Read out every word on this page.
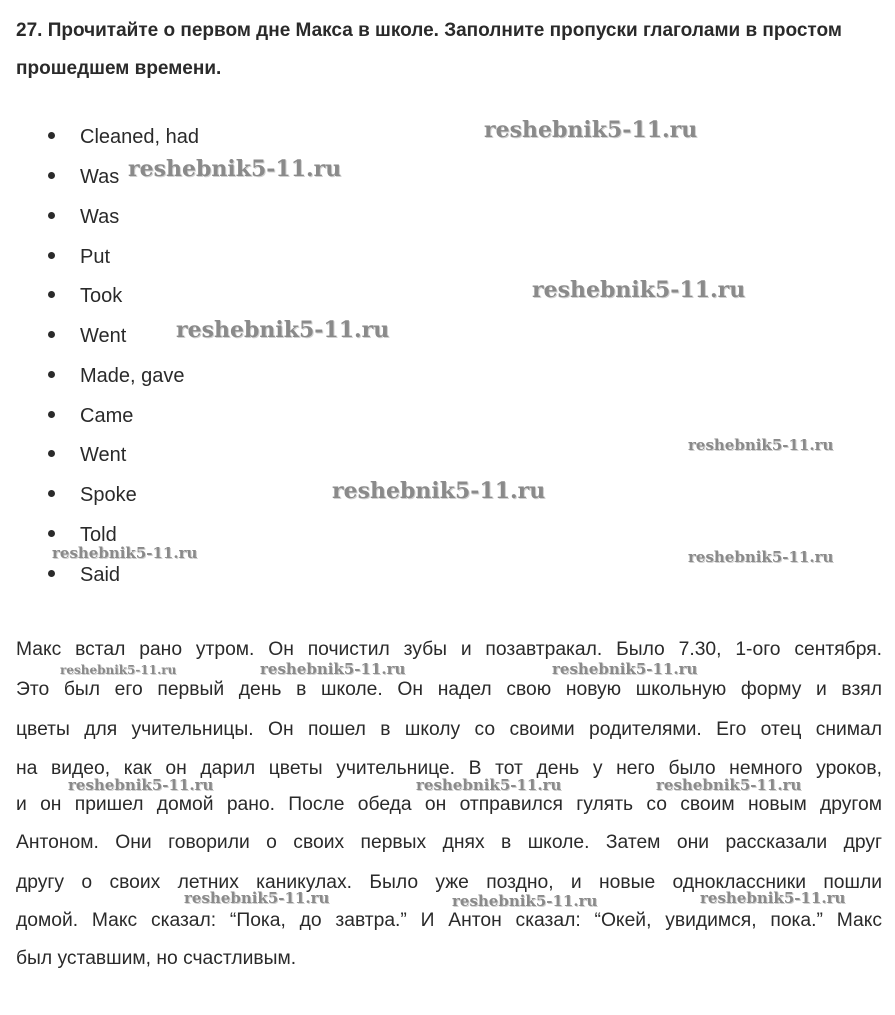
27. Прочитайте о первом дне Макса в школе. Заполните пропуски глаголами в простом прошедшем времени.
Cleaned, had
Was
Was
Put
Took
Went
Made, gave
Came
Went
Spoke
Told
Said
Макс встал рано утром. Он почистил зубы и позавтракал. Было 7.30, 1-ого сентября.
Это был его первый день в школе. Он надел свою новую школьную форму и взял
цветы для учительницы. Он пошел в школу со своими родителями. Его отец снимал
на видео, как он дарил цветы учительнице. В тот день у него было немного уроков,
и он пришел домой рано. После обеда он отправился гулять со своим новым другом
Антоном. Они говорили о своих первых днях в школе. Затем они рассказали друг
другу о своих летних каникулах. Было уже поздно, и новые одноклассники пошли
домой. Макс сказал: “Пока, до завтра.” И Антон сказал: “Окей, увидимся, пока.” Макс
был уставшим, но счастливым.
reshebnik5-11.ru
reshebnik5-11.ru
reshebnik5-11.ru
reshebnik5-11.ru
reshebnik5-11.ru
reshebnik5-11.ru
reshebnik5-11.ru	reshebnik5-11.ru
reshebnik5-11.ru	reshebnik5-11.ru	reshebnik5-11.ru
reshebnik5-11.ru	reshebnik5-11.ru	reshebnik5-11.ru
reshebnik5-11.ru	reshebnik5-11.ru	reshebnik5-11.ru
